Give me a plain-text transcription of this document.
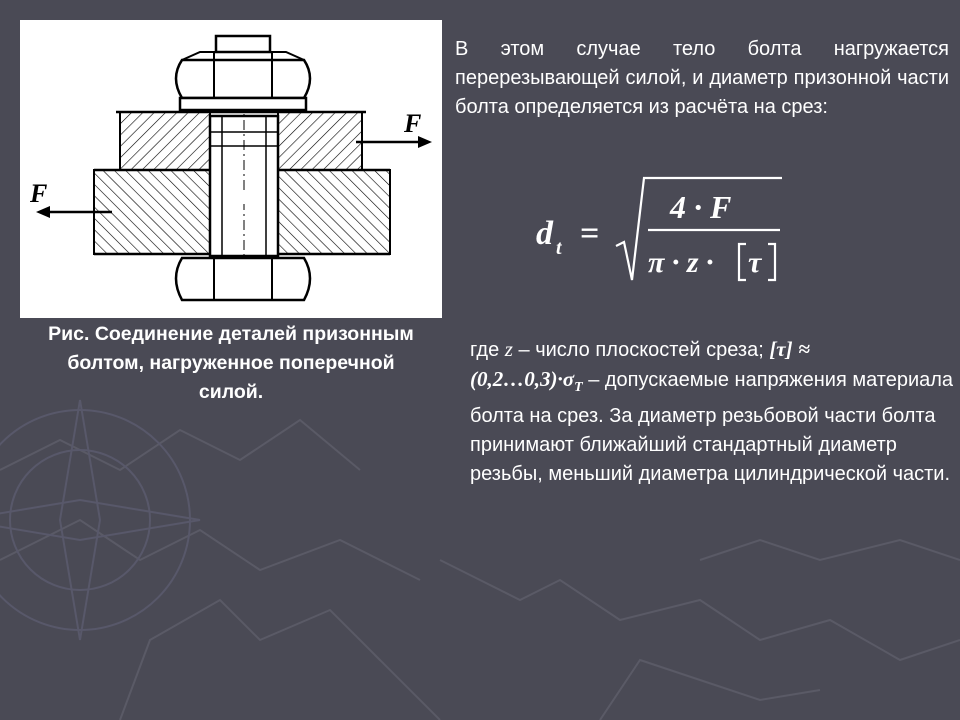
F
F
Рис. Соединение деталей призонным болтом, нагруженное поперечной силой.
В этом случае тело болта нагружается перерезывающей силой, и диаметр призонной части болта определяется из расчёта на срез:
d t =
4 · F
π · z · τ
где z – число плоскостей среза; [τ] ≈
$(0,2\dots 0,3)\cdot\sigma_T$ – допускаемые напряжения материала болта на срез. За диаметр резьбовой части болта принимают ближайший стандартный диаметр резьбы, меньший диаметра цилиндрической части.
